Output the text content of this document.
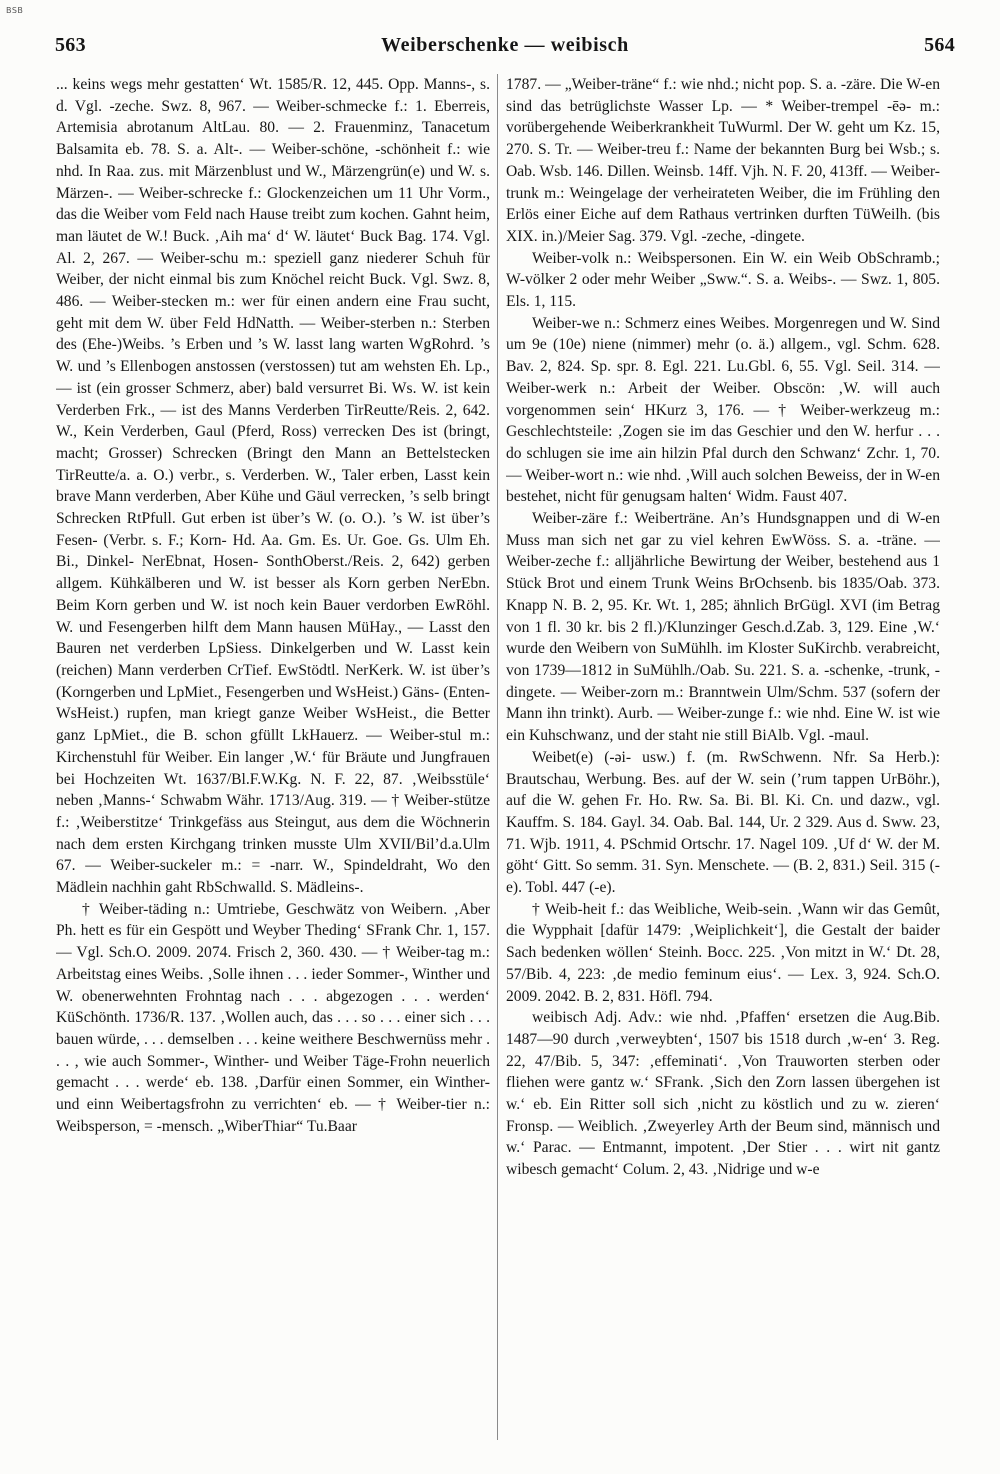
BSB
563	Weiberschenke — weibisch	564

... keins wegs mehr gestatten‘ Wt. 1585/R. 12, 445. Opp. Manns-, s. d. Vgl. -zeche. Swz. 8, 967. — Weiber-schmecke f.: 1. Eberreis, Artemisia abrotanum AltLau. 80. — 2. Frauenminz, Tanacetum Balsamita eb. 78. S. a. Alt-. — Weiber-schöne, -schönheit f.: wie nhd. In Raa. zus. mit Märzenblust und W., Märzengrün(e) und W. s. Märzen-. — Weiber-schrecke f.: Glockenzeichen um 11 Uhr Vorm., das die Weiber vom Feld nach Hause treibt zum kochen. Gahnt heim, man läutet de W.! Buck. ‚Aih ma‘ d‘ W. läutet‘ Buck Bag. 174. Vgl. Al. 2, 267. — Weiber-schu m.: speziell ganz niederer Schuh für Weiber, der nicht einmal bis zum Knöchel reicht Buck. Vgl. Swz. 8, 486. — Weiber-stecken m.: wer für einen andern eine Frau sucht, geht mit dem W. über Feld HdNatth. — Weiber-sterben n.: Sterben des (Ehe-)Weibs. ’s Erben und ’s W. lasst lang warten WgRohrd. ’s W. und ’s Ellenbogen anstossen (verstossen) tut am wehsten Eh. Lp., — ist (ein grosser Schmerz, aber) bald versurret Bi. Ws. W. ist kein Verderben Frk., — ist des Manns Verderben TirReutte/Reis. 2, 642. W., Kein Verderben, Gaul (Pferd, Ross) verrecken Des ist (bringt, macht; Grosser) Schrecken (Bringt den Mann an Bettelstecken TirReutte/a. a. O.) verbr., s. Verderben. W., Taler erben, Lasst kein brave Mann verderben, Aber Kühe und Gäul verrecken, ’s selb bringt Schrecken RtPfull. Gut erben ist über’s W. (o. O.). ’s W. ist über’s Fesen- (Verbr. s. F.; Korn- Hd. Aa. Gm. Es. Ur. Goe. Gs. Ulm Eh. Bi., Dinkel- NerEbnat, Hosen- SonthOberst./Reis. 2, 642) gerben allgem. Kühkälberen und W. ist besser als Korn gerben NerEbn. Beim Korn gerben und W. ist noch kein Bauer verdorben EwRöhl. W. und Fesengerben hilft dem Mann hausen MüHay., — Lasst den Bauren net verderben LpSiess. Dinkelgerben und W. Lasst kein (reichen) Mann verderben CrTief. EwStödtl. NerKerk. W. ist über’s (Korngerben und LpMiet., Fesengerben und WsHeist.) Gäns- (Enten- WsHeist.) rupfen, man kriegt ganze Weiber WsHeist., die Better ganz LpMiet., die B. schon gfüllt LkHauerz. — Weiber-stul m.: Kirchenstuhl für Weiber. Ein langer ‚W.‘ für Bräute und Jungfrauen bei Hochzeiten Wt. 1637/Bl.F.W.Kg. N. F. 22, 87. ‚Weibsstüle‘ neben ‚Manns-‘ Schwabm Währ. 1713/Aug. 319. — † Weiber-stütze f.: ‚Weiberstitze‘ Trinkgefäss aus Steingut, aus dem die Wöchnerin nach dem ersten Kirchgang trinken musste Ulm XVII/Bil’d.a.Ulm 67. — Weiber-suckeler m.: = -narr. W., Spindeldraht, Wo den Mädlein nachhin gaht RbSchwalld. S. Mädleins-.

† Weiber-täding n.: Umtriebe, Geschwätz von Weibern. ‚Aber Ph. hett es für ein Gespött und Weyber Theding‘ SFrank Chr. 1, 157. — Vgl. Sch.O. 2009. 2074. Frisch 2, 360. 430. — † Weiber-tag m.: Arbeitstag eines Weibs. ‚Solle ihnen . . . ieder Sommer-, Winther und W. obenerwehnten Frohntag nach . . . abgezogen . . . werden‘ KüSchönth. 1736/R. 137. ‚Wollen auch, das . . . so . . . einer sich . . . bauen würde, . . . demselben . . . keine weithere Beschwernüss mehr . . . , wie auch Sommer-, Winther- und Weiber Täge-Frohn neuerlich gemacht . . . werde‘ eb. 138. ‚Darfür einen Sommer, ein Winther- und einn Weibertagsfrohn zu verrichten‘ eb. — † Weiber-tier n.: Weibsperson, = -mensch. „WiberThiar“ Tu.Baar

1787. — „Weiber-träne“ f.: wie nhd.; nicht pop. S. a. -zäre. Die W-en sind das betrüglichste Wasser Lp. — * Weiber-trempel -ēə- m.: vorübergehende Weiberkrankheit TuWurml. Der W. geht um Kz. 15, 270. S. Tr. — Weiber-treu f.: Name der bekannten Burg bei Wsb.; s. Oab. Wsb. 146. Dillen. Weinsb. 14ff. Vjh. N. F. 20, 413ff. — Weiber-trunk m.: Weingelage der verheirateten Weiber, die im Frühling den Erlös einer Eiche auf dem Rathaus vertrinken durften TüWeilh. (bis XIX. in.)/Meier Sag. 379. Vgl. -zeche, -dingete.

Weiber-volk n.: Weibspersonen. Ein W. ein Weib ObSchramb.; W-völker 2 oder mehr Weiber „Sww.“. S. a. Weibs-. — Swz. 1, 805. Els. 1, 115.

Weiber-we n.: Schmerz eines Weibes. Morgenregen und W. Sind um 9e (10e) niene (nimmer) mehr (o. ä.) allgem., vgl. Schm. 628. Bav. 2, 824. Sp. spr. 8. Egl. 221. Lu.Gbl. 6, 55. Vgl. Seil. 314. — Weiber-werk n.: Arbeit der Weiber. Obscön: ‚W. will auch vorgenommen sein‘ HKurz 3, 176. — † Weiber-werkzeug m.: Geschlechtsteile: ‚Zogen sie im das Geschier und den W. herfur . . . do schlugen sie ime ain hilzin Pfal durch den Schwanz‘ Zchr. 1, 70. — Weiber-wort n.: wie nhd. ‚Will auch solchen Beweiss, der in W-en bestehet, nicht für genugsam halten‘ Widm. Faust 407.

Weiber-zäre f.: Weiberträne. An’s Hundsgnappen und di W-en Muss man sich net gar zu viel kehren EwWöss. S. a. -träne. — Weiber-zeche f.: alljährliche Bewirtung der Weiber, bestehend aus 1 Stück Brot und einem Trunk Weins BrOchsenb. bis 1835/Oab. 373. Knapp N. B. 2, 95. Kr. Wt. 1, 285; ähnlich BrGügl. XVI (im Betrag von 1 fl. 30 kr. bis 2 fl.)/Klunzinger Gesch.d.Zab. 3, 129. Eine ‚W.‘ wurde den Weibern von SuMühlh. im Kloster SuKirchb. verabreicht, von 1739—1812 in SuMühlh./Oab. Su. 221. S. a. -schenke, -trunk, -dingete. — Weiber-zorn m.: Branntwein Ulm/Schm. 537 (sofern der Mann ihn trinkt). Aurb. — Weiber-zunge f.: wie nhd. Eine W. ist wie ein Kuhschwanz, und der staht nie still BiAlb. Vgl. -maul.

Weibet(e) (-əi- usw.) f. (m. RwSchwenn. Nfr. Sa Herb.): Brautschau, Werbung. Bes. auf der W. sein (’rum tappen UrBöhr.), auf die W. gehen Fr. Ho. Rw. Sa. Bi. Bl. Ki. Cn. und dazw., vgl. Kauffm. S. 184. Gayl. 34. Oab. Bal. 144, Ur. 2 329. Aus d. Sww. 23, 71. Wjb. 1911, 4. PSchmid Ortschr. 17. Nagel 109. ‚Uf d‘ W. der M. göht‘ Gitt. So semm. 31. Syn. Menschete. — (B. 2, 831.) Seil. 315 (-e). Tobl. 447 (-e).

† Weib-heit f.: das Weibliche, Weib-sein. ‚Wann wir das Gemût, die Wypphait [dafür 1479: ‚Weiplichkeit‘], die Gestalt der baider Sach bedenken wöllen‘ Steinh. Bocc. 225. ‚Von mitzt in W.‘ Dt. 28, 57/Bib. 4, 223: ‚de medio feminum eius‘. — Lex. 3, 924. Sch.O. 2009. 2042. B. 2, 831. Höfl. 794.

weibisch Adj. Adv.: wie nhd. ‚Pfaffen‘ ersetzen die Aug.Bib. 1487—90 durch ‚verweybten‘, 1507 bis 1518 durch ‚w-en‘ 3. Reg. 22, 47/Bib. 5, 347: ‚effeminati‘. ‚Von Trauworten sterben oder fliehen were gantz w.‘ SFrank. ‚Sich den Zorn lassen übergehen ist w.‘ eb. Ein Ritter soll sich ‚nicht zu köstlich und zu w. zieren‘ Fronsp. — Weiblich. ‚Zweyerley Arth der Beum sind, männisch und w.‘ Parac. — Entmannt, impotent. ‚Der Stier . . . wirt nit gantz wibesch gemacht‘ Colum. 2, 43. ‚Nidrige und w-e
